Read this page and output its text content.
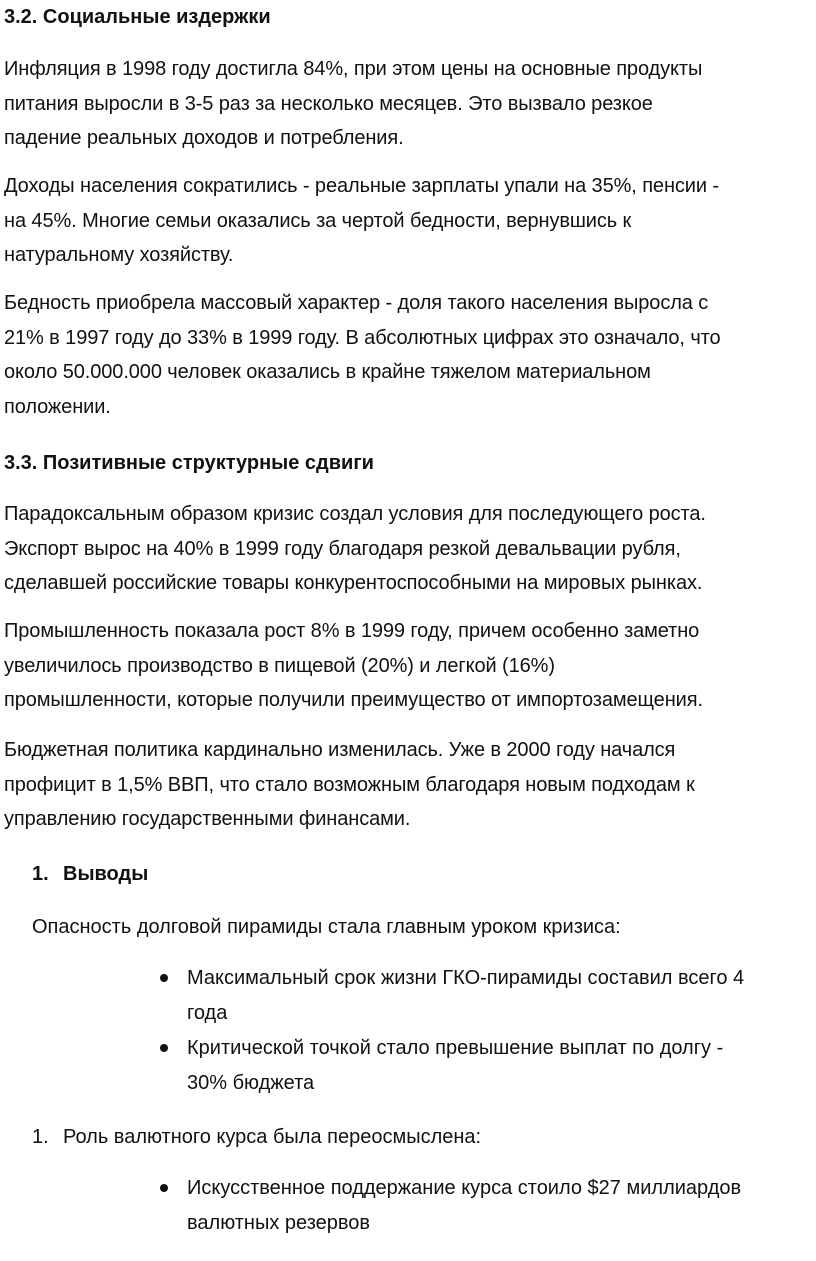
3.2. Социальные издержки
Инфляция в 1998 году достигла 84%, при этом цены на основные продукты
питания выросли в 3-5 раз за несколько месяцев. Это вызвало резкое
падение реальных доходов и потребления.
Доходы населения сократились - реальные зарплаты упали на 35%, пенсии -
на 45%. Многие семьи оказались за чертой бедности, вернувшись к
натуральному хозяйству.
Бедность приобрела массовый характер - доля такого населения выросла с
21% в 1997 году до 33% в 1999 году. В абсолютных цифрах это означало, что
около 50.000.000 человек оказались в крайне тяжелом материальном
положении.
3.3. Позитивные структурные сдвиги
Парадоксальным образом кризис создал условия для последующего роста.
Экспорт вырос на 40% в 1999 году благодаря резкой девальвации рубля,
сделавшей российские товары конкурентоспособными на мировых рынках.
Промышленность показала рост 8% в 1999 году, причем особенно заметно
увеличилось производство в пищевой (20%) и легкой (16%)
промышленности, которые получили преимущество от импортозамещения.
Бюджетная политика кардинально изменилась. Уже в 2000 году начался
профицит в 1,5% ВВП, что стало возможным благодаря новым подходам к
управлению государственными финансами.
1. Выводы
Опасность долговой пирамиды стала главным уроком кризиса:
Максимальный срок жизни ГКО-пирамиды составил всего 4
года
Критической точкой стало превышение выплат по долгу -
30% бюджета
1. Роль валютного курса была переосмыслена:
Искусственное поддержание курса стоило $27 миллиардов
валютных резервов
